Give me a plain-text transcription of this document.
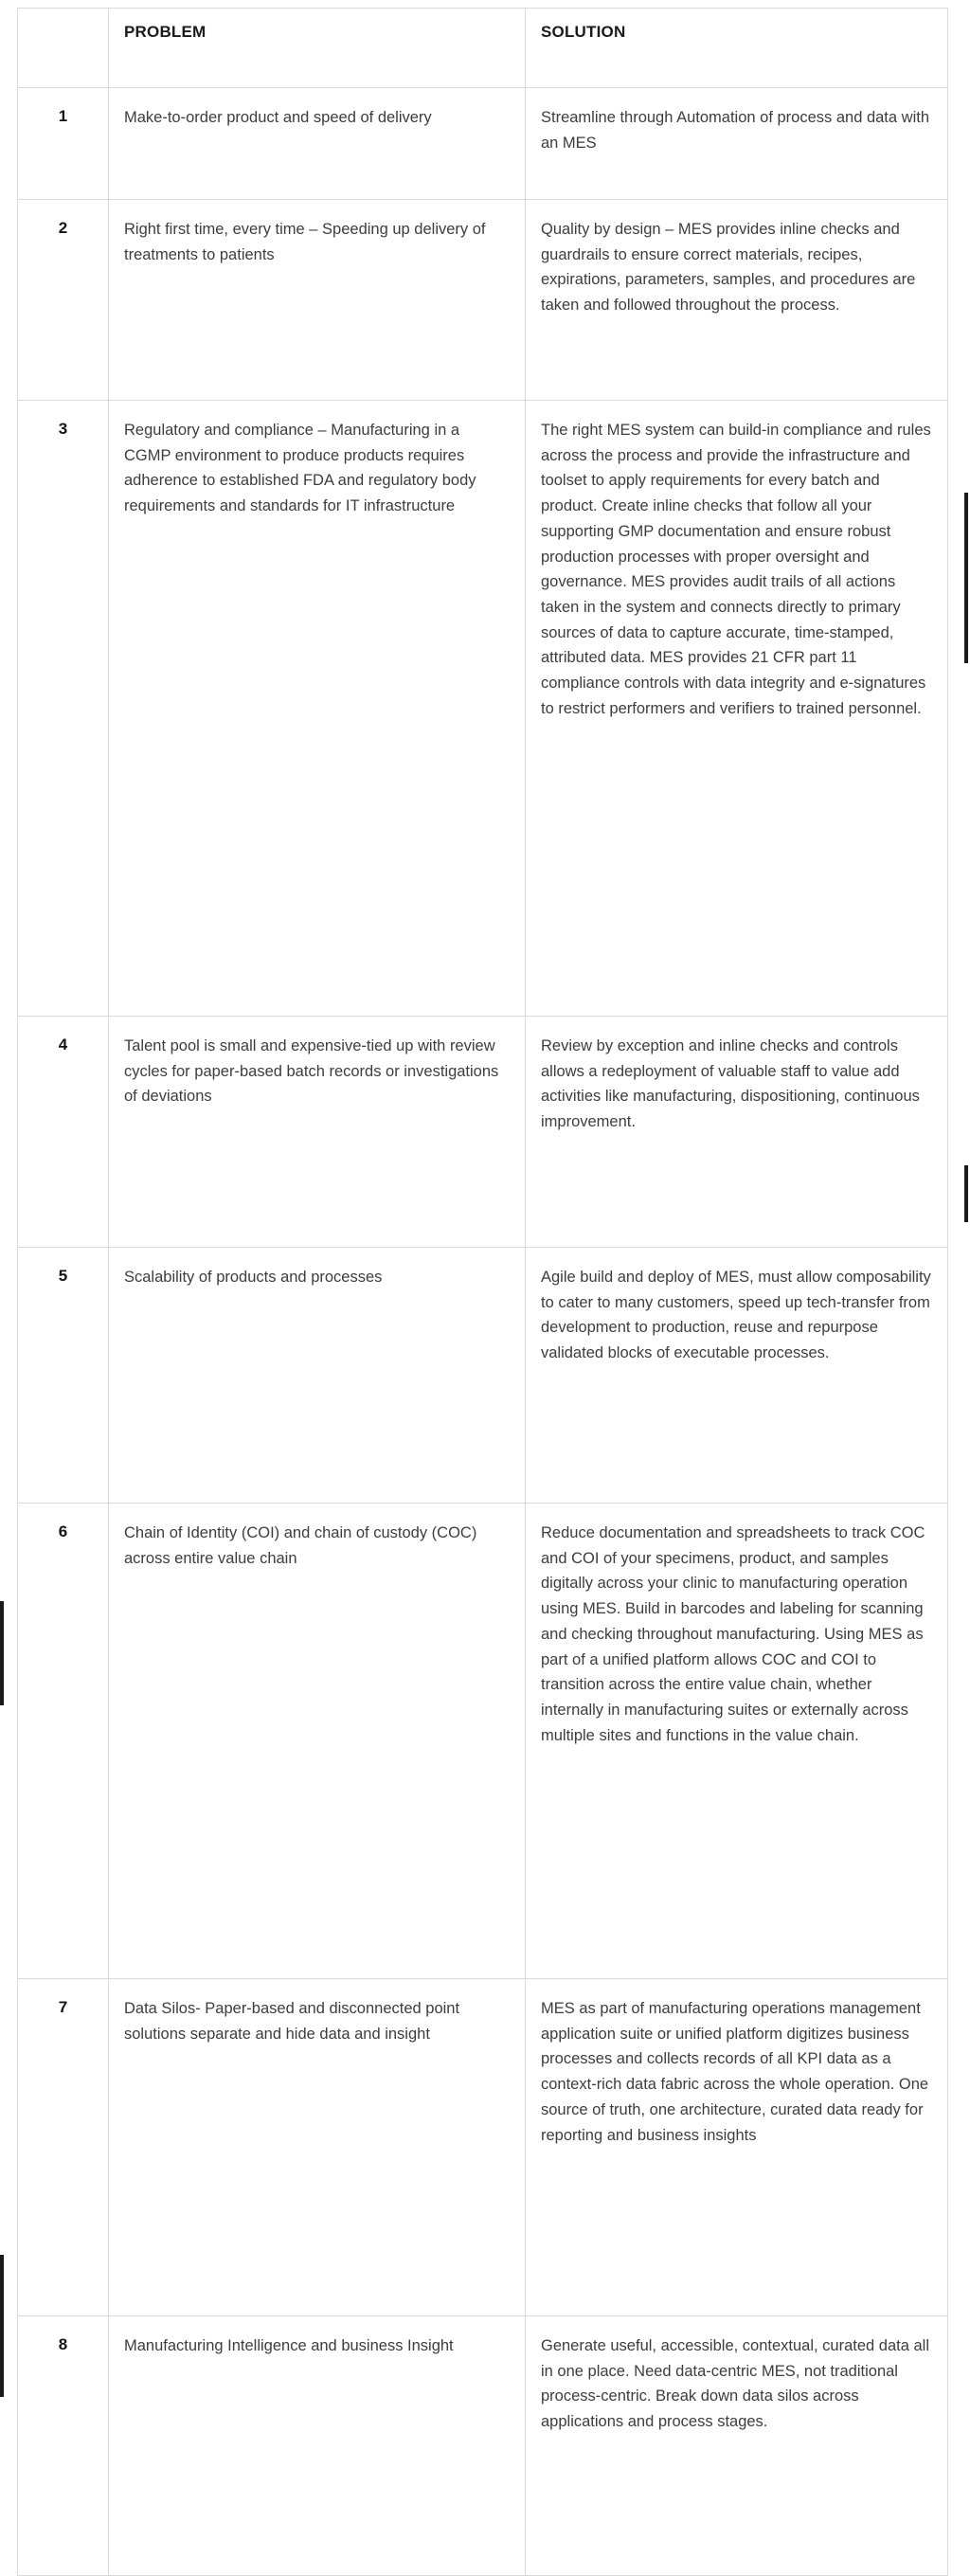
	PROBLEM	SOLUTION

1	Make-to-order product and speed of delivery	Streamline through Automation of process and data with an MES

2	Right first time, every time – Speeding up delivery of treatments to patients	Quality by design – MES provides inline checks and guardrails to ensure correct materials, recipes, expirations, parameters, samples, and procedures are taken and followed throughout the process.

3	Regulatory and compliance – Manufacturing in a CGMP environment to produce products requires adherence to established FDA and regulatory body requirements and standards for IT infrastructure	The right MES system can build-in compliance and rules across the process and provide the infrastructure and toolset to apply requirements for every batch and product. Create inline checks that follow all your supporting GMP documentation and ensure robust production processes with proper oversight and governance. MES provides audit trails of all actions taken in the system and connects directly to primary sources of data to capture accurate, time-stamped, attributed data. MES provides 21 CFR part 11 compliance controls with data integrity and e-signatures to restrict performers and verifiers to trained personnel.

4	Talent pool is small and expensive-tied up with review cycles for paper-based batch records or investigations of deviations	Review by exception and inline checks and controls allows a redeployment of valuable staff to value add activities like manufacturing, dispositioning, continuous improvement.

5	Scalability of products and processes	Agile build and deploy of MES, must allow composability to cater to many customers, speed up tech-transfer from development to production, reuse and repurpose validated blocks of executable processes.

6	Chain of Identity (COI) and chain of custody (COC) across entire value chain	Reduce documentation and spreadsheets to track COC and COI of your specimens, product, and samples digitally across your clinic to manufacturing operation using MES. Build in barcodes and labeling for scanning and checking throughout manufacturing. Using MES as part of a unified platform allows COC and COI to transition across the entire value chain, whether internally in manufacturing suites or externally across multiple sites and functions in the value chain.

7	Data Silos- Paper-based and disconnected point solutions separate and hide data and insight	MES as part of manufacturing operations management application suite or unified platform digitizes business processes and collects records of all KPI data as a context-rich data fabric across the whole operation. One source of truth, one architecture, curated data ready for reporting and business insights

8	Manufacturing Intelligence and business Insight	Generate useful, accessible, contextual, curated data all in one place. Need data-centric MES, not traditional process-centric. Break down data silos across applications and process stages.
